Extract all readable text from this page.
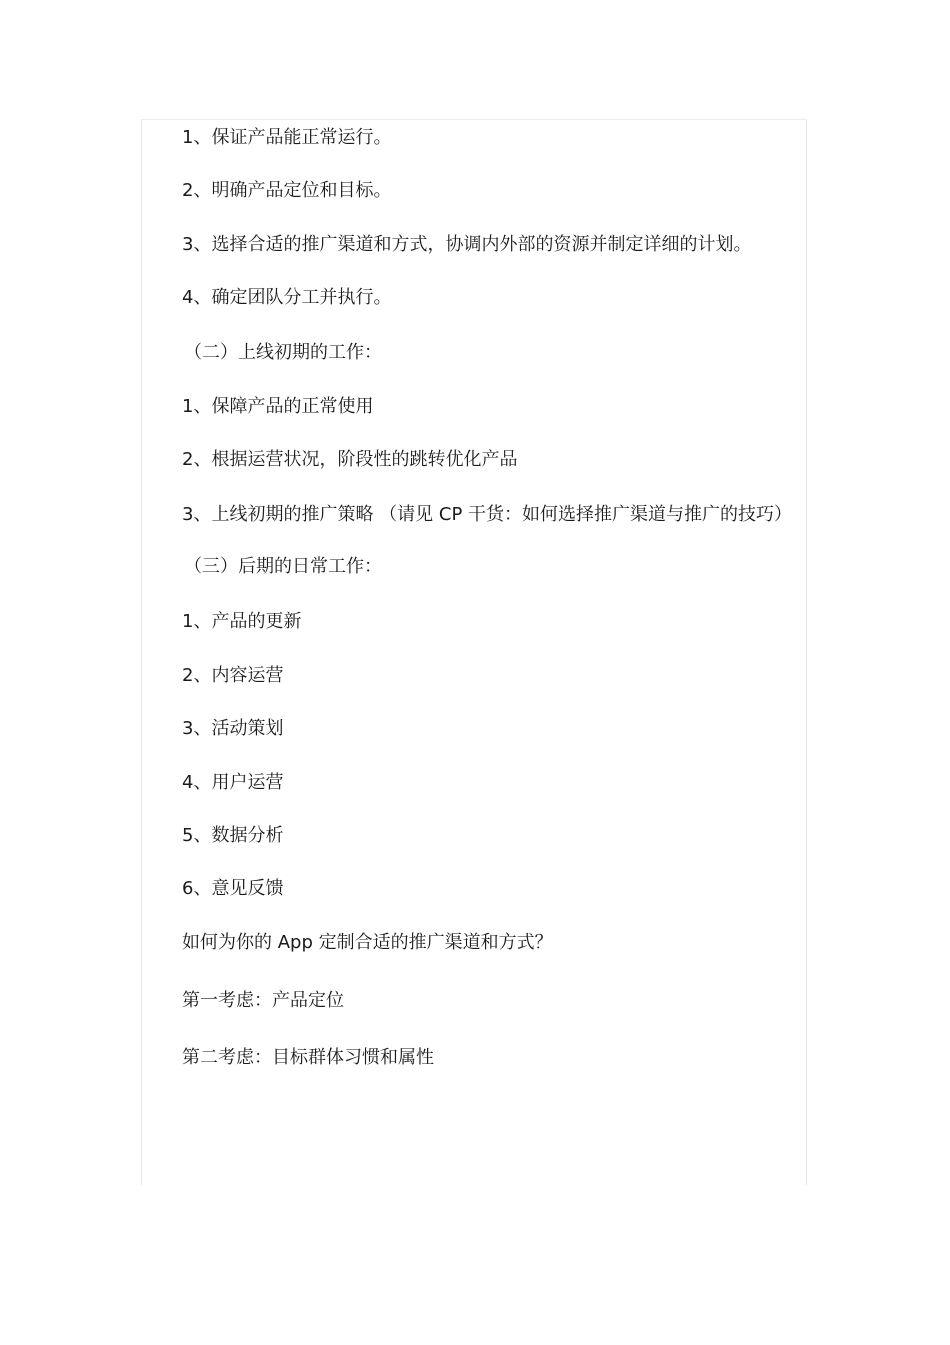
1、保证产品能正常运行。
2、明确产品定位和目标。
3、选择合适的推广渠道和方式，协调内外部的资源并制定详细的计划。
4、确定团队分工并执行。
（二）上线初期的工作：
1、保障产品的正常使用
2、根据运营状况，阶段性的跳转优化产品
3、上线初期的推广策略 （请见 CP 干货：如何选择推广渠道与推广的技巧）
（三）后期的日常工作：
1、产品的更新
2、内容运营
3、活动策划
4、用户运营
5、数据分析
6、意见反馈
如何为你的 App 定制合适的推广渠道和方式？
第一考虑：产品定位
第二考虑：目标群体习惯和属性
